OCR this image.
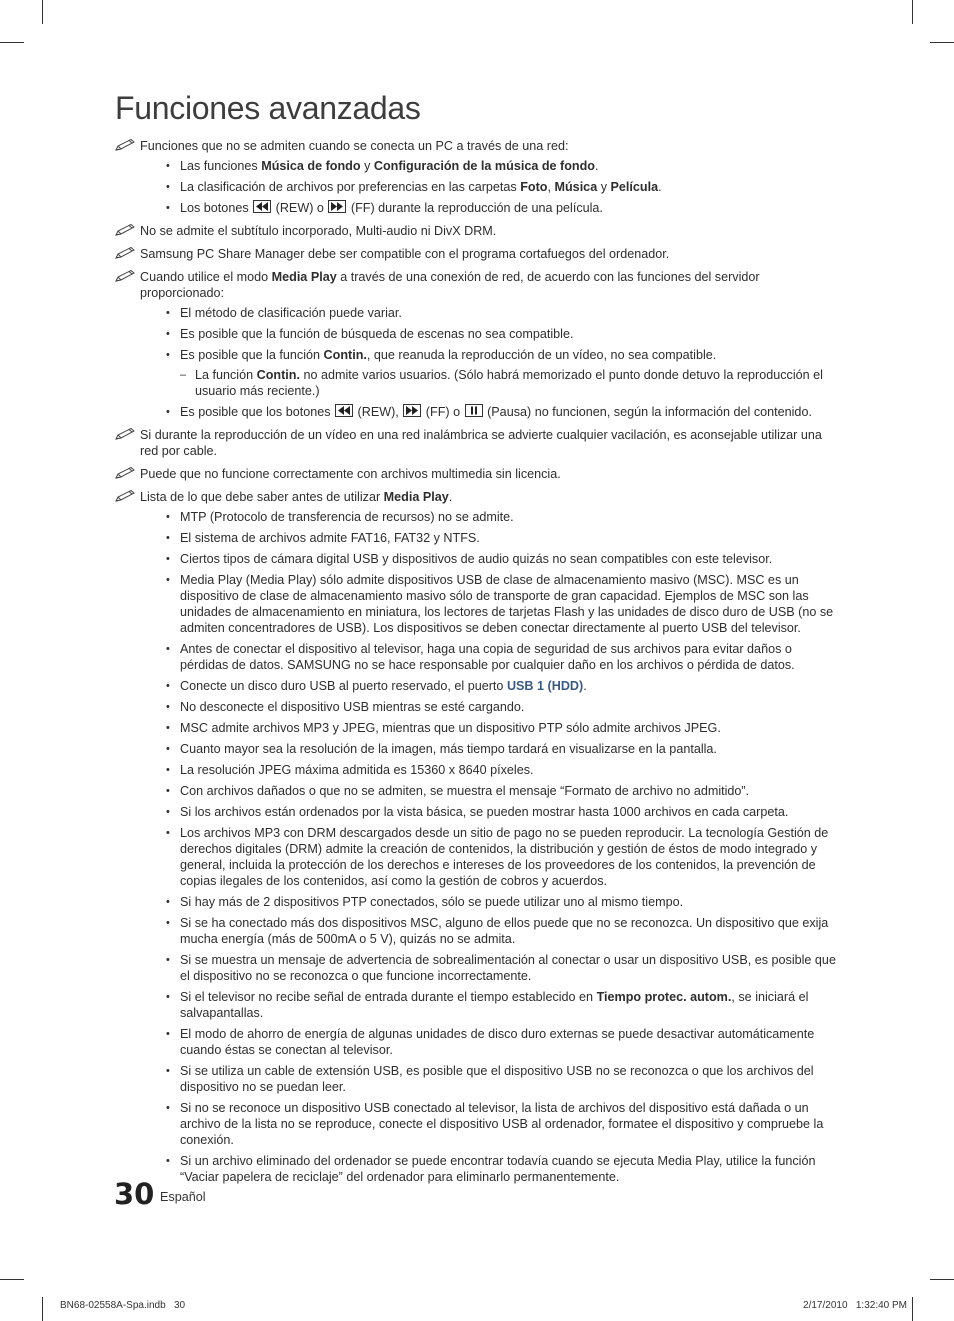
Funciones avanzadas
Funciones que no se admiten cuando se conecta un PC a través de una red:
• Las funciones Música de fondo y Configuración de la música de fondo.
• La clasificación de archivos por preferencias en las carpetas Foto, Música y Película.
• Los botones
(REW) o
(FF) durante la reproducción de una película.
No se admite el subtítulo incorporado, Multi-audio ni DivX DRM.
Samsung PC Share Manager debe ser compatible con el programa cortafuegos del ordenador.
Cuando utilice el modo Media Play a través de una conexión de red, de acuerdo con las funciones del servidor proporcionado:
• El método de clasificación puede variar.
• Es posible que la función de búsqueda de escenas no sea compatible.
• Es posible que la función Contin., que reanuda la reproducción de un vídeo, no sea compatible.
– La función Contin. no admite varios usuarios. (Sólo habrá memorizado el punto donde detuvo la reproducción el usuario más reciente.)
• Es posible que los botones
(REW),
(FF) o
(Pausa) no funcionen, según la información del contenido.
Si durante la reproducción de un vídeo en una red inalámbrica se advierte cualquier vacilación, es aconsejable utilizar una red por cable.
Puede que no funcione correctamente con archivos multimedia sin licencia.
Lista de lo que debe saber antes de utilizar Media Play.
• MTP (Protocolo de transferencia de recursos) no se admite.
• El sistema de archivos admite FAT16, FAT32 y NTFS.
• Ciertos tipos de cámara digital USB y dispositivos de audio quizás no sean compatibles con este televisor.
• Media Play (Media Play) sólo admite dispositivos USB de clase de almacenamiento masivo (MSC). MSC es un dispositivo de clase de almacenamiento masivo sólo de transporte de gran capacidad. Ejemplos de MSC son las unidades de almacenamiento en miniatura, los lectores de tarjetas Flash y las unidades de disco duro de USB (no se admiten concentradores de USB). Los dispositivos se deben conectar directamente al puerto USB del televisor.
• Antes de conectar el dispositivo al televisor, haga una copia de seguridad de sus archivos para evitar daños o pérdidas de datos. SAMSUNG no se hace responsable por cualquier daño en los archivos o pérdida de datos.
• Conecte un disco duro USB al puerto reservado, el puerto USB 1 (HDD).
• No desconecte el dispositivo USB mientras se esté cargando.
• MSC admite archivos MP3 y JPEG, mientras que un dispositivo PTP sólo admite archivos JPEG.
• Cuanto mayor sea la resolución de la imagen, más tiempo tardará en visualizarse en la pantalla.
• La resolución JPEG máxima admitida es 15360 x 8640 píxeles.
• Con archivos dañados o que no se admiten, se muestra el mensaje “Formato de archivo no admitido”.
• Si los archivos están ordenados por la vista básica, se pueden mostrar hasta 1000 archivos en cada carpeta.
• Los archivos MP3 con DRM descargados desde un sitio de pago no se pueden reproducir. La tecnología Gestión de derechos digitales (DRM) admite la creación de contenidos, la distribución y gestión de éstos de modo integrado y general, incluida la protección de los derechos e intereses de los proveedores de los contenidos, la prevención de copias ilegales de los contenidos, así como la gestión de cobros y acuerdos.
• Si hay más de 2 dispositivos PTP conectados, sólo se puede utilizar uno al mismo tiempo.
• Si se ha conectado más dos dispositivos MSC, alguno de ellos puede que no se reconozca. Un dispositivo que exija mucha energía (más de 500mA o 5 V), quizás no se admita.
• Si se muestra un mensaje de advertencia de sobrealimentación al conectar o usar un dispositivo USB, es posible que el dispositivo no se reconozca o que funcione incorrectamente.
• Si el televisor no recibe señal de entrada durante el tiempo establecido en Tiempo protec. autom., se iniciará el salvapantallas.
• El modo de ahorro de energía de algunas unidades de disco duro externas se puede desactivar automáticamente cuando éstas se conectan al televisor.
• Si se utiliza un cable de extensión USB, es posible que el dispositivo USB no se reconozca o que los archivos del dispositivo no se puedan leer.
• Si no se reconoce un dispositivo USB conectado al televisor, la lista de archivos del dispositivo está dañada o un archivo de la lista no se reproduce, conecte el dispositivo USB al ordenador, formatee el dispositivo y compruebe la conexión.
• Si un archivo eliminado del ordenador se puede encontrar todavía cuando se ejecuta Media Play, utilice la función “Vaciar papelera de reciclaje” del ordenador para eliminarlo permanentemente.
30 Español
BN68-02558A-Spa.indb   30	2/17/2010   1:32:40 PM
